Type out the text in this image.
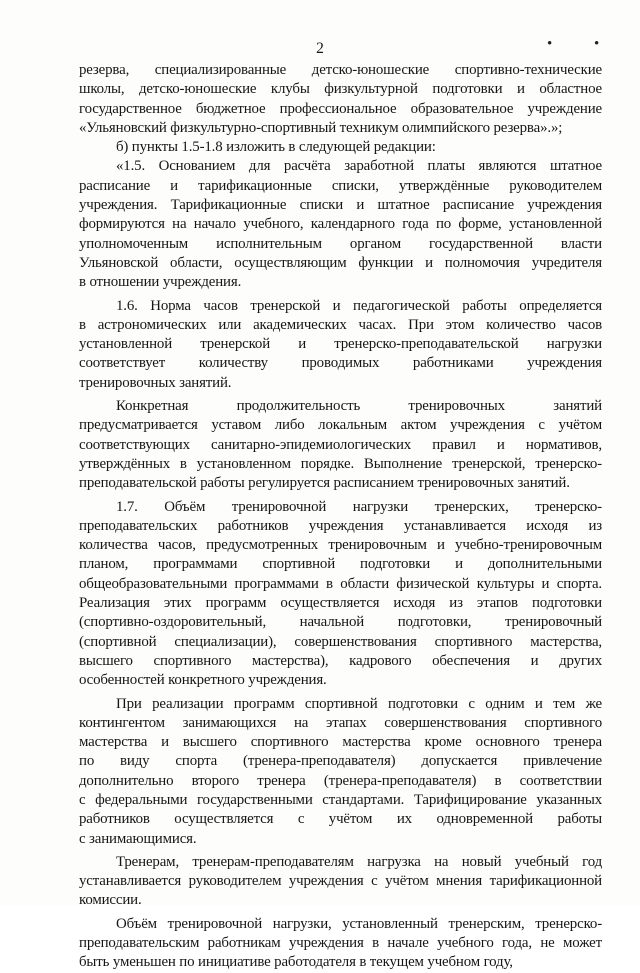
2	• •
резерва, специализированные детско-юношеские спортивно-технические
школы, детско-юношеские клубы физкультурной подготовки и областное
государственное бюджетное профессиональное образовательное учреждение
«Ульяновский физкультурно-спортивный техникум олимпийского резерва».»;
б) пункты 1.5-1.8 изложить в следующей редакции:
«1.5. Основанием для расчёта заработной платы являются штатное
расписание и тарификационные списки, утверждённые руководителем
учреждения. Тарификационные списки и штатное расписание учреждения
формируются на начало учебного, календарного года по форме, установленной
уполномоченным исполнительным органом государственной власти
Ульяновской области, осуществляющим функции и полномочия учредителя
в отношении учреждения.
1.6. Норма часов тренерской и педагогической работы определяется
в астрономических или академических часах. При этом количество часов
установленной тренерской и тренерско-преподавательской нагрузки
соответствует количеству проводимых работниками учреждения
тренировочных занятий.
Конкретная продолжительность тренировочных занятий
предусматривается уставом либо локальным актом учреждения с учётом
соответствующих санитарно-эпидемиологических правил и нормативов,
утверждённых в установленном порядке. Выполнение тренерской, тренерско-
преподавательской работы регулируется расписанием тренировочных занятий.
1.7. Объём тренировочной нагрузки тренерских, тренерско-
преподавательских работников учреждения устанавливается исходя из
количества часов, предусмотренных тренировочным и учебно-тренировочным
планом, программами спортивной подготовки и дополнительными
общеобразовательными программами в области физической культуры и спорта.
Реализация этих программ осуществляется исходя из этапов подготовки
(спортивно-оздоровительный, начальной подготовки, тренировочный
(спортивной специализации), совершенствования спортивного мастерства,
высшего спортивного мастерства), кадрового обеспечения и других
особенностей конкретного учреждения.
При реализации программ спортивной подготовки с одним и тем же
контингентом занимающихся на этапах совершенствования спортивного
мастерства и высшего спортивного мастерства кроме основного тренера
по виду спорта (тренера-преподавателя) допускается привлечение
дополнительно второго тренера (тренера-преподавателя) в соответствии
с федеральными государственными стандартами. Тарифицирование указанных
работников осуществляется с учётом их одновременной работы
с занимающимися.
Тренерам, тренерам-преподавателям нагрузка на новый учебный год
устанавливается руководителем учреждения с учётом мнения тарификационной
комиссии.
Объём тренировочной нагрузки, установленный тренерским, тренерско-
преподавательским работникам учреждения в начале учебного года, не может
быть уменьшен по инициативе работодателя в текущем учебном году,
